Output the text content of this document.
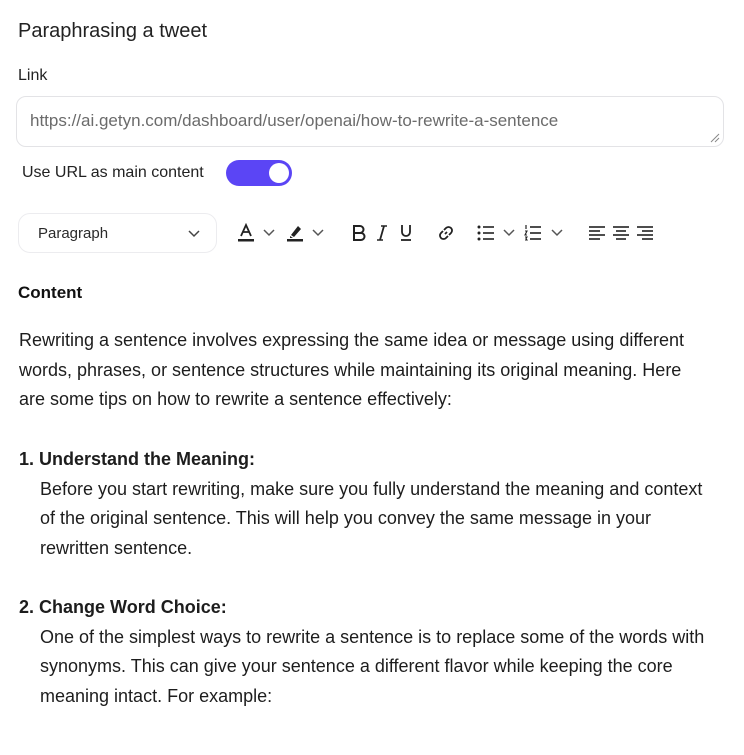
Paraphrasing a tweet
Link
https://ai.getyn.com/dashboard/user/openai/how-to-rewrite-a-sentence
Use URL as main content
Paragraph
Content
Rewriting a sentence involves expressing the same idea or message using different words, phrases, or sentence structures while maintaining its original meaning. Here are some tips on how to rewrite a sentence effectively:
1. Understand the Meaning:
Before you start rewriting, make sure you fully understand the meaning and context of the original sentence. This will help you convey the same message in your rewritten sentence.
2. Change Word Choice:
One of the simplest ways to rewrite a sentence is to replace some of the words with synonyms. This can give your sentence a different flavor while keeping the core meaning intact. For example:
